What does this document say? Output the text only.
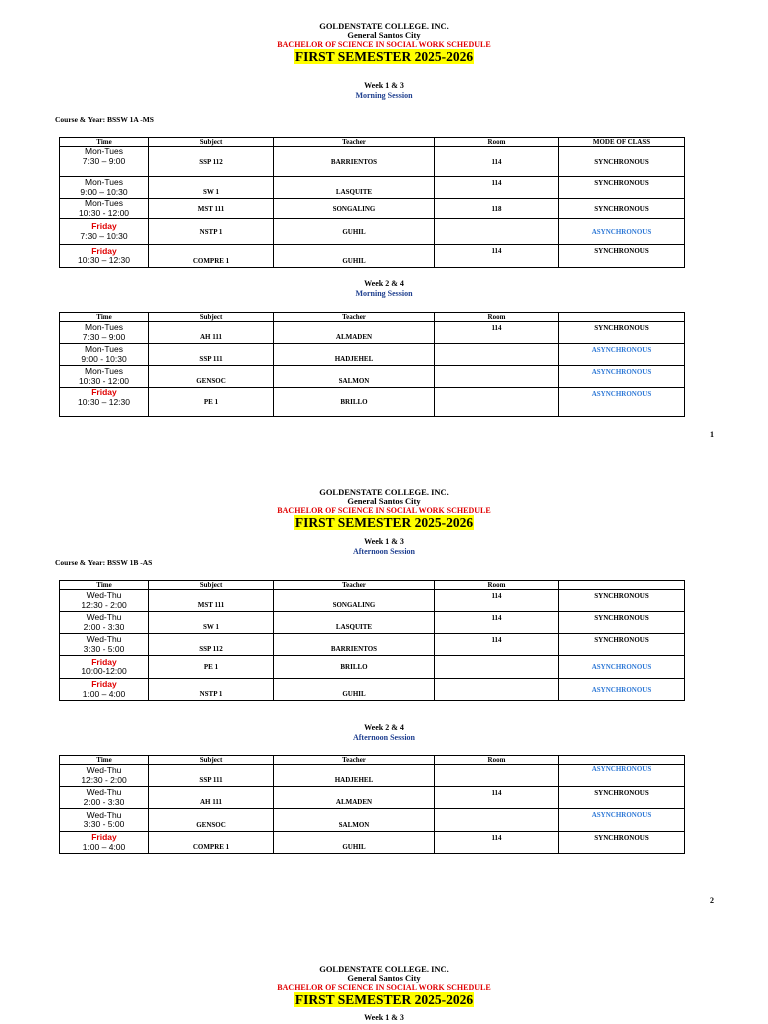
GOLDENSTATE COLLEGE. INC.
General Santos City
BACHELOR OF SCIENCE IN SOCIAL WORK SCHEDULE
FIRST SEMESTER 2025-2026
Week 1 & 3
Morning Session
Course & Year: BSSW 1A -MS
Time	Subject	Teacher	Room	MODE OF CLASS

Mon-Tues
7:30 – 9:00	SSP 112	BARRIENTOS	114	SYNCHRONOUS

Mon-Tues
9:00 – 10:30	SW 1	LASQUITE	114	SYNCHRONOUS

Mon-Tues
10:30 - 12:00	MST 111	SONGALING	118	SYNCHRONOUS

Friday
7:30 – 10:30	NSTP 1	GUHIL		ASYNCHRONOUS

Friday
10:30 – 12:30	COMPRE 1	GUHIL	114	SYNCHRONOUS
Week 2 & 4
Morning Session
Time	Subject	Teacher	Room	

Mon-Tues
7:30 – 9:00	AH 111	ALMADEN	114	SYNCHRONOUS

Mon-Tues
9:00 - 10:30	SSP 111	HADJEHEL		ASYNCHRONOUS

Mon-Tues
10:30 - 12:00	GENSOC	SALMON		ASYNCHRONOUS

Friday
10:30 – 12:30	PE 1	BRILLO		ASYNCHRONOUS
1
GOLDENSTATE COLLEGE. INC.
General Santos City
BACHELOR OF SCIENCE IN SOCIAL WORK SCHEDULE
FIRST SEMESTER 2025-2026
Week 1 & 3
Afternoon Session
Course & Year: BSSW 1B -AS
Time	Subject	Teacher	Room	

Wed-Thu
12:30 - 2:00	MST 111	SONGALING	114	SYNCHRONOUS

Wed-Thu
2:00 - 3:30	SW 1	LASQUITE	114	SYNCHRONOUS

Wed-Thu
3:30 - 5:00	SSP 112	BARRIENTOS	114	SYNCHRONOUS

Friday
10:00-12:00	PE 1	BRILLO		ASYNCHRONOUS

Friday
1:00 – 4:00	NSTP 1	GUHIL		ASYNCHRONOUS
Week 2 & 4
Afternoon Session
Time	Subject	Teacher	Room	

Wed-Thu
12:30 - 2:00	SSP 111	HADJEHEL		ASYNCHRONOUS

Wed-Thu
2:00 - 3:30	AH 111	ALMADEN	114	SYNCHRONOUS

Wed-Thu
3:30 - 5:00	GENSOC	SALMON		ASYNCHRONOUS

Friday
1:00 – 4:00	COMPRE 1	GUHIL	114	SYNCHRONOUS
2
GOLDENSTATE COLLEGE. INC.
General Santos City
BACHELOR OF SCIENCE IN SOCIAL WORK SCHEDULE
FIRST SEMESTER 2025-2026
Week 1 & 3
